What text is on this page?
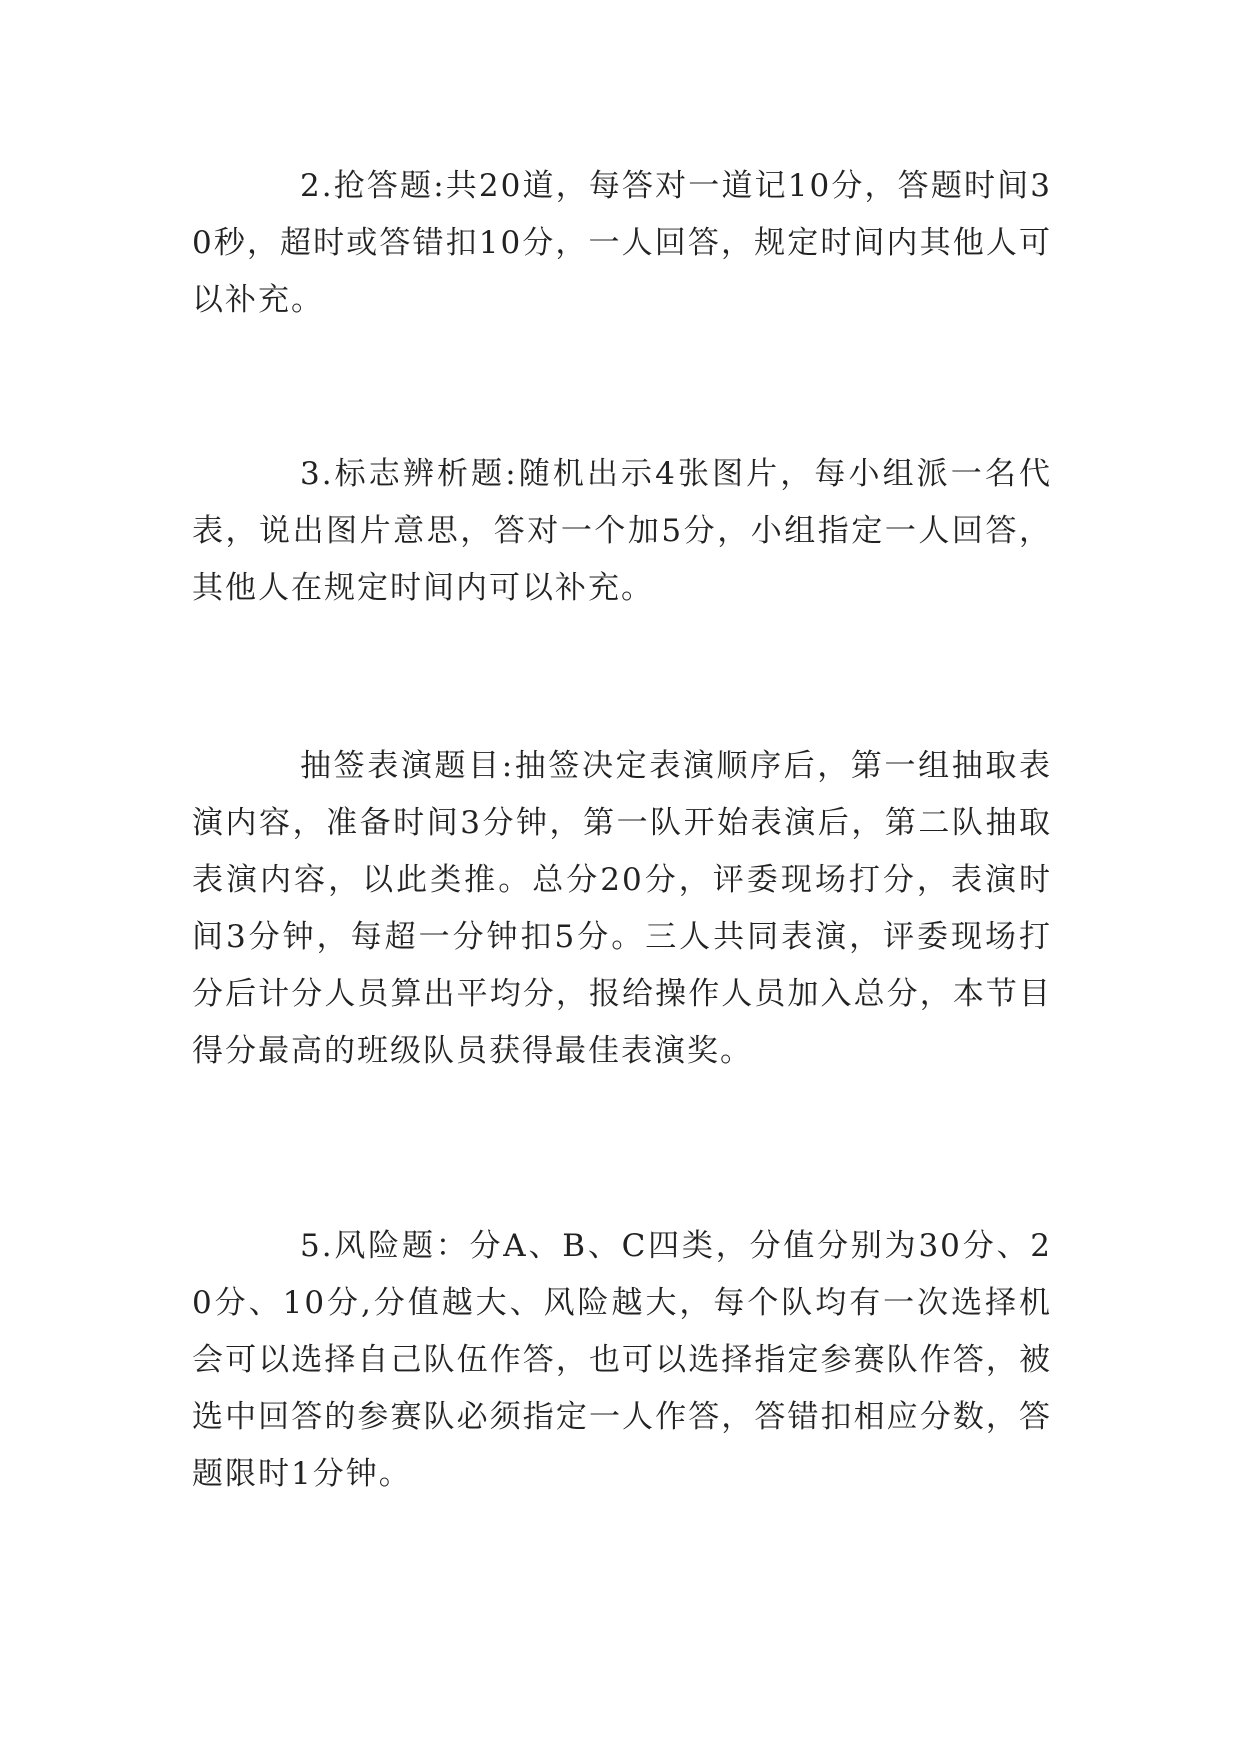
2.抢答题:共20道，每答对一道记10分，答题时间30秒，超时或答错扣10分，一人回答，规定时间内其他人可以补充。

3.标志辨析题:随机出示4张图片，每小组派一名代表，说出图片意思，答对一个加5分，小组指定一人回答，其他人在规定时间内可以补充。

抽签表演题目:抽签决定表演顺序后，第一组抽取表演内容，准备时间3分钟，第一队开始表演后，第二队抽取表演内容，以此类推。总分20分，评委现场打分，表演时间3分钟，每超一分钟扣5分。三人共同表演，评委现场打分后计分人员算出平均分，报给操作人员加入总分，本节目得分最高的班级队员获得最佳表演奖。

5.风险题：分A、B、C四类，分值分别为30分、20分、10分,分值越大、风险越大，每个队均有一次选择机会可以选择自己队伍作答，也可以选择指定参赛队作答，被选中回答的参赛队必须指定一人作答，答错扣相应分数，答题限时1分钟。
